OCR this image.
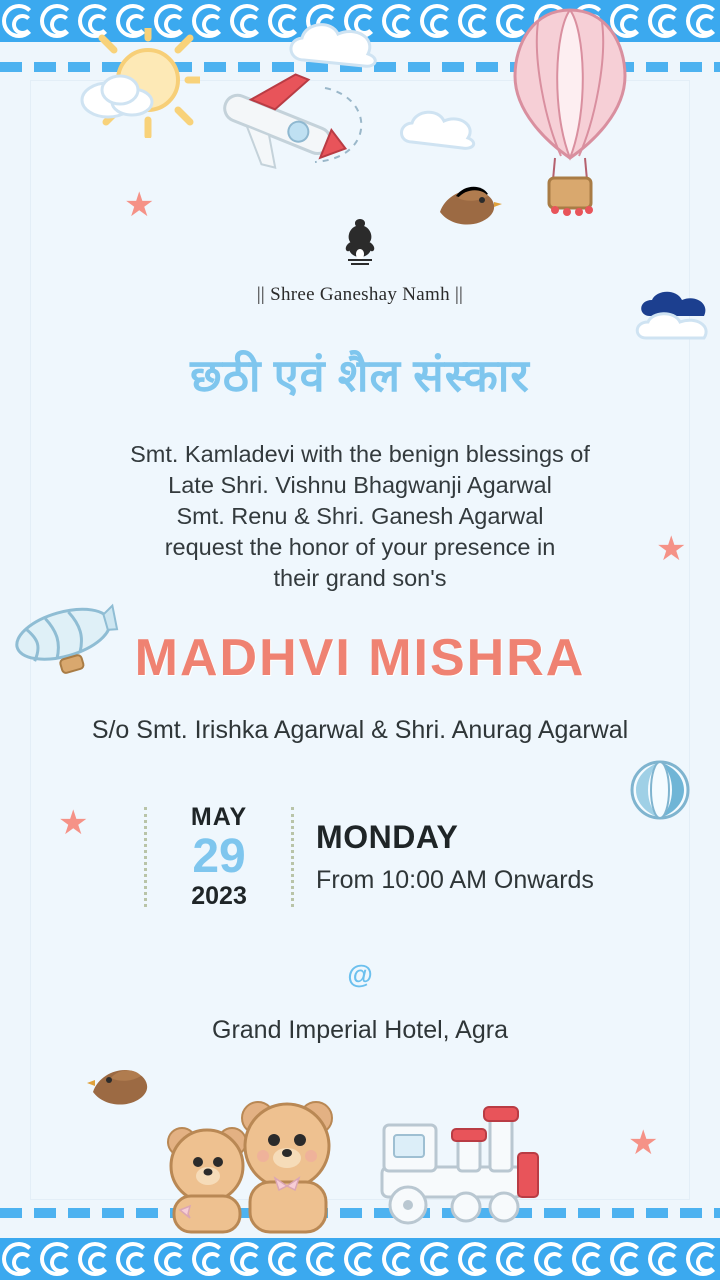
★
★
★
★
|| Shree Ganeshay Namh ||
छठी एवं शैल संस्कार
Smt. Kamladevi with the benign blessings of
Late Shri. Vishnu Bhagwanji Agarwal
Smt. Renu & Shri. Ganesh Agarwal
request the honor of your presence in
their grand son's
MADHVI MISHRA
S/o Smt. Irishka Agarwal & Shri. Anurag Agarwal
MAY
29
2023
MONDAY
From 10:00 AM Onwards
@
Grand Imperial Hotel, Agra
